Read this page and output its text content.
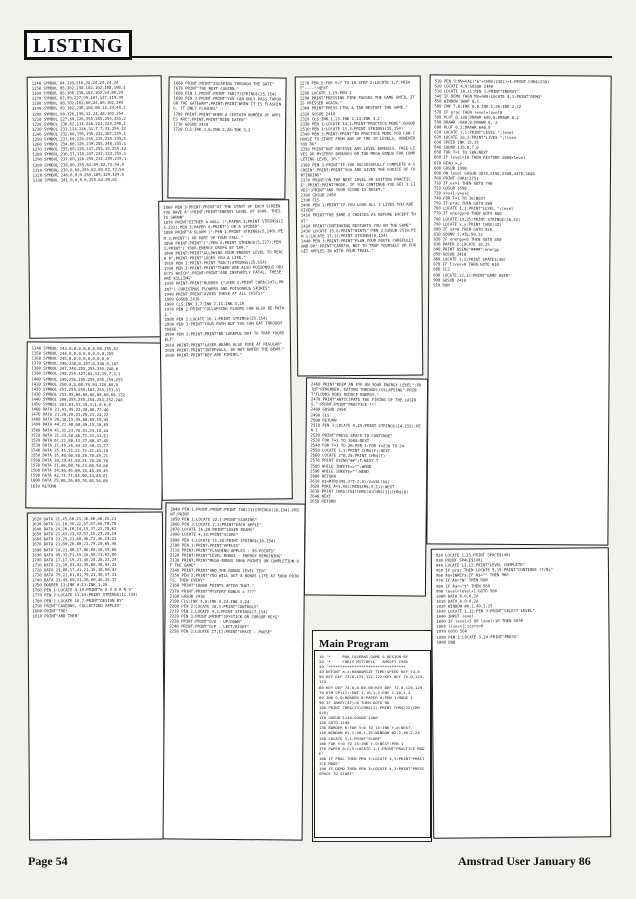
LISTING
1140 SYMBOL 84,126,216,24,24,24,24,24
1150 SYMBOL 85,102,238,102,102,108,108,1
1160 SYMBOL 86,108,238,102,102,54,60,24
1170 SYMBOL 87,99,227,99,107,127,119,99
1180 SYMBOL 88,102,102,60,24,60,102,204
1190 SYMBOL 89,102,238,102,60,12,24,48,2
1200 SYMBOL 90,126,198,12,24,48,102,254
1210 SYMBOL 227,60,126,255,255,255,255,2
1220 SYMBOL 230,62,111,246,224,224,248,1
1230 SYMBOL 231,124,246,31,7,7,31,254,12
1240 SYMBOL 232,66,195,195,231,167,255,1
1250 SYMBOL 233,60,126,255,219,255,195,1
1260 SYMBOL 234,60,126,239,255,248,255,1
1270 SYMBOL 235,60,126,247,255,15,255,12
1280 SYMBOL 236,57,118,247,247,233,255,1
1290 SYMBOL 237,60,126,255,231,239,239,1
1300 SYMBOL 238,60,255,62,89,82,72,54,0
1310 SYMBOL 239,0,60,255,62,89,82,72,54
1320 SYMBOL 240,0,0,0,255,189,129,129,0
1330 SYMBOL 241,0,0,0,0,255,62,89,82
1340 SYMBOL 243,0,0,0,0,0,0,60,255,62
1350 SYMBOL 244,0,0,0,0,0,0,0,0,255
1360 SYMBOL 245,0,0,0,0,0,0,0,0,0
1370 SYMBOL 246,238,0,187,0,238,0,187
1380 SYMBOL 247,248,255,255,255,248,0
1390 SYMBOL 248,255,127,63,31,15,7,3,1
1400 SYMBOL 249,255,255,255,255,255,255
1410 SYMBOL 250,4,8,60,78,94,126,60,0
1420 SYMBOL 251,255,255,102,255,153,51
1430 SYMBOL 253,95,68,68,68,68,68,68,132
1440 SYMBOL 200,255,255,254,254,252,248
1450 SYMBOL 201,63,31,15,3,1,0,0,0
1460 DATA 21,41,49,22,30,80,77,46
1470 DATA 21,20,20,21,20,23,24,22
1480 DATA 26,30,15,45,68,65,19,45
1490 DATA 44,21,40,60,49,15,10,65
1500 DATA 41,31,23,78,41,23,18,44
1510 DATA 21,33,58,46,71,21,41,61
1520 DATA 61,21,80,13,37,80,47,45
1530 DATA 21,45,26,54,33,30,31,77
1540 DATA 25,45,51,21,71,21,41,18
1550 DATA 35,40,60,58,20,70,49,21
1560 DATA 30,19,41,50,21,70,20,76
1570 DATA 21,66,80,76,23,60,54,80
1580 DATA 34,36,45,69,18,48,30,49
1590 DATA 42,71,71,54,90,24,45,61
1600 DATA 25,80,26,80,70,88,54,80
1610 RETURN
1620 DATA 21,45,60,21,36,60,46,25,21
1630 DATA 21,10,35,22,57,67,60,70,78
1640 DATA 24,20,10,14,15,37,23,78,62
1650 DATA 21,43,21,42,57,15,27,25,10
1660 DATA 21,25,21,68,46,72,46,24,21
1670 DATA 21,80,26,80,21,79,20,65,48
1680 DATA 24,21,80,17,86,80,10,19,66
1690 DATA 45,33,71,15,16,58,71,62,80
1700 DATA 17,17,19,21,46,25,28,23,24
1710 DATA 21,20,81,42,30,80,38,54,21
1720 DATA 21,80,17,41,21,15,18,60,42
1730 DATA 79,22,61,81,79,21,30,37,21
1740 DATA 21,45,60,21,36,60,46,25,17
1750 BORDER 13:INK 0,13:INK 1,26
1760 PEN 1:LOCATE 4,10:PRINT"K A V E R N S"
1770 PEN 2:LOCATE 11,15:PRINT STRING$(11,154)
1780 PEN 1:LOCATE 16,7:PRINT"DESIGN BY"
1790 PRINT"CAVERNS, COLLECTING APPLES"
1800 PRINT"THE"
1810 PRINT"AND THEN"
1660 PRINT:PRINT"ESCAPING THROUGH THE GATE"
1670 PRINT"THE NEXT CAVERN."
1680 PEN 1:PRINT:PRINT TAB(7)STRING$(25,154)
1690 PEN 3:PRINT:PRINT"YOU CAN ONLY PASS THROUGH THE GATEWAY";PRINT:PRINT"WHEN IT IS FLASHING. IT ONLY FLASHES"
1700 PRINT:PRINT"WHEN A CERTAIN NUMBER OF APPLES ARE";PRINT:PRINT"BEEN EATEN"
1710 GOSUB 2410
1720 CLS:INK 3,6:INK 2,26:INK 3,2
1860 PEN 3:PRINT:PRINT"AT THE START OF EACH SCREEN YOU HAVE A";PRINT:PRINT"ENERGY LEVEL OF 1000. THIS IS SHOWN"
1870 PRINT"EITHER A WALL (";PAPER 2;PRINT STRING$(25,232);PEN 3;PAPER 0;PRINT") OR A SPIDER"
1880 PRINT"A GLOOM (";PEN 1;PRINT STRING$(5,240);PEN 3;PRINT") OR PART OF YOUR FALL."
1890 PRINT:PRINT"(";PEN 2;PRINT STRING$(5,227);PEN 3;PRINT") YOUR ENERGY DROPS BY 100."
1900 PRINT:PRINT"ALLOWING YOUR ENERGY LEVEL TO REACH 0";PRINT:PRINT"LOSES YOU A LIFE."
1910 PEN 1:PRINT:PRINT TAB(7)STRING$(25,154)
1920 PEN 2:PRINT:PRINT"THERE ARE ALSO POISONOUS OBJECTS WHICH";PRINT:PRINT"ARE INSTANTLY FATAL. THESE ARE KILLING"
1930 PRINT:PRINT"BUSHES (";PEN 3;PRINT CHR$(247);PRINT") CHRISTMAS FLOWERS AND POISONOUS SPIKES"
1940 PRINT:PRINT"AVOID THESE AT ALL COSTS!"
1950 GOSUB 2410
1960 CLS:INK 3,7:INK 2,11:INK 3,26
1970 PEN 2:PRINT"COLLAPSING FLOORS CAN ALSO BE FATAL."
1980 PEN 1:LOCATE 10,1:PRINT STRING$(25,154)
1990 PEN 3:PRINT"YOUR PATH BUT YOU CAN EAT THROUGH THESE."
2000 PEN 3:PRINT:PRINT"BE CAREFUL NOT TO TRAP YOURSELF"
2010 PRINT:PRINT"LASER BEAMS ALSO FIRE AT REGULAR"
2020 PRINT:PRINT"INTERVALS, DO NOT ENTER THE BEAM."
2030 PRINT:PRINT"KEY ARE FIRING."
2040 PEN 1:PRINT:PRINT:PRINT TAB(11)STRING$(20,154):PRINT:PRINT
2050 PEN 1:LOCATE 22,1:PRINT"SCORING"
2060 PEN 3:LOCATE 2,3:PRINT"EACH APPLE"
2070 LOCATE 16,20:PRINT"LASER BEAMS"
2080 LOCATE 4,18:PRINT"SCORE"
2090 PEN 1:LOCATE 11,20:PRINT STRING$(18,154)
2100 PEN 3:PRINT:PRINT"APPLES"
2110 PRINT:PRINT"FLASHING APPLES - 50 POINTS"
2120 PRINT:PRINT"LEVEL BONUS - ENERGY REMAINING"
2130 PRINT:PRINT"MEGA-BONUS 5000 POINTS ON COMPLETION OF THE GAME"
2140 PRINT:PRINT"AND THE BONUS LEVEL TEN"
2150 PEN 2:PRINT"YOU WILL GET A BONUS LIFE AT 5000 POINTS, THEN EVERY"
2160 PRINT"10000 POINTS AFTER THAT."
2170 PRINT:PRINT"MYSTERY BONUS = ???"
2180 GOSUB 2410
2190 CLS:INK 3,8:INK 2,24:INK 3,24
2200 PEN 2:LOCATE 16,1:PRINT"CONTROLS"
2210 PEN 1:LOCATE 4,3:PRINT STRING$(7,154)
2220 PEN 3:PRINT:PRINT"JOYSTICK OR CURSOR KEYS"
2230 PRINT:PRINT"Q/A - UP/DOWN"
2240 PRINT:PRINT"O/P - LEFT/RIGHT"
2250 PEN 3:LOCATE 27,11:PRINT"SPACE - PAUSE"
2270 PEN 2:FOR Y=7 TO 15 STEP 2:LOCATE 1,Y:PRINT"----":NEXT
2280 LOCATE 1,19:PEN 1
2290 PRINT"PRESSING FIRE PAUSES THE GAME UNTIL IT IS PRESSED AGAIN."
2300 PRINT"PRESS CTRL & TAB RESTART THE GAME."
2310 GOSUB 2410
2320 CLS:INK 1,23:INK 2,14:INK 3,2
2330 PEN 1:LOCATE 14,1:PRINT"PRACTICE MODE":GOSUB 2510:PEN 1:LOCATE 13,3:PRINT STRING$(15,154)
2340 PEN 3:PRINT:PRINT"IN PRACTICE MODE YOU CAN CHOOSE TO START FROM ANY OF THE 10 LEVELS, HOWEVER YOU DO"
2350 PRINT"NOT RECEIVE ANY LEVEL BONUSES, FREE LIVES OR MYSTERY BONUSES OR THE MEGA-BONUS FOR COMPLETING LEVEL 10."
2360 PEN 3:PRINT"IF YOU SUCCESSFULLY COMPLETE A SCREEN":PRINT:PRINT"YOU ARE GIVEN THE CHOICE OF CONTINUING"
2370 PRINT"ON THE NEXT LEVEL OR EXITING PRACTICE":PRINT:PRINT"MODE. IF YOU CONTINUE YOU GET 3 LIVES":PRINT"AND YOUR SCORE IS RESET."
2380 GOSUB 2450
2390 CLS
2400 PEN 1:PRINT"IF YOU LOSE ALL 3 LIVES YOU ARE GIVEN"
2410 PRINT"THE SAME 2 CHOICES AS BEFORE EXCEPT THAT"
2420 PRINT"CONTINUING RESTARTS YOU ON THE SAME"
2430 LOCATE 15,8:PRINT"HINTS":PEN 2:GOSUB 2510:PEN 1:LOCATE 17,11:PRINT STRING$(6,154)
2440 PEN 3:PRINT:PRINT"PLAN YOUR ROUTE CAREFULLY AND DO":PRINT"CAREFUL NOT TO TRAP YOURSELF OR FORGET APPLES IN WITH YOUR TRAIL."
2460 PRINT"KEEP AN EYE ON YOUR ENERGY LEVEL":PRINT"REMEMBER, EATING THROUGH COLLAPSING":PRINT"FLOORS DOES REDUCE ENERGY."
2470 PRINT"ANTICIPATE THE FIRING OF THE LASERS.":PRINT:PRINT"PRACTICE !!"
2480 GOSUB 2450
2490 CLS
2500 RETURN
2510 PEN 3:LOCATE 9,25:PRINT STRING$(24,233):PEN 1
2520 PRINT"PRESS SPACE TO CONTINUE"
2530 FOR T=1 TO 1000:NEXT
2540 FOR T=1 TO 26:PEN 1:FOR Y=238 TO 24
2550 LOCATE 1,Y:PRINT CHR$(Y):NEXT
2560 LOCATE 2*B,25:PRINT CHR$(T)
2570 PRINT USING"##";T:NEXT T
2580 WHILE INKEY$<>"":WEND
2590 WHILE INKEY$="":WEND
2600 RETURN
2610 A$=MID$(M$,3*T-2,3):V=VAL(A$)
2620 POKE A+S,ASC(MID$(M$,I,1)):NEXT
2630 PRINT CHR$(254)CHR$(8)CHR$(11)CHR$(8)
2640 NEXT
2650 RETURN
Main Program
10 '*     PAK CAVERNS,GAME & DESIGN BY
20 '*     CHRIS MITCHELL   AMSOFT 1985
30 '*********************************
40 DEFINT a-z:RANDOMIZE TIME:SPEED KEY 74,0
50 KEY DEF 73,0,122,122,122:KEY DEF 75,0,123,123
60 KEY DEF 74,0,0,80,80:KEY DEF 72,0,129,129
70 DIM SP(11):ENT 1,10,1,2:ENV 1,10,1,2
80 INK 0,0:BORDER 0:PAPER 0:PEN 1:MODE 1
90 IF INKEY(47)=0 THEN GOTO 90
100 PRINT CHR$(23)CHR$(1):PRINT CHR$(22)CHR$(0)
110 GOSUB 1140:GOSUB 1460
120 GOTO 1190
130 BORDER 0:FOR Y=0 TO 15:INK Y,0:NEXT
140 WINDOW #1,1,40,1,25:WINDOW #2,1,40,2,24
150 LOCATE 1,1:PRINT"SCORE"
160 FOR Y=0 TO 15:INK Y,0:NEXT:PEN 1
170 PAPER 0:CLS:LOCATE 1,1:PRINT"PRACTICE MODE"
180 IF PRAC THEN PEN 3:LOCATE 4,3:PRINT"PRACTICE MODE"
190 IF DEMO THEN PEN 3:LOCATE 4,3:PRINT"PRESS SPACE TO START"
510 PEN 9:MV=VAL("&"+CHR$(238))+1:PRINT CHR$(238)
520 LOCATE 4,9:GOSUB 2440
530 LOCATE 18,11:PEN 1:PRINT"ENERGY"
540 IF DEMO THEN MV=500:LOCATE 4,3:PRINT"DEMO"
550 WINDOW SWAP 0,1
560 INK 7,6:INK 8,6:INK 1,20:INK 2,22
570 IF prac THEN level=level0
580 PLOT 0,388:DRAWR 640,0:DRAWR 0,2
590 DRAWR -640,0:DRAWR 0,-2
600 PLOT 0,2:DRAWR 640,0
610 LOCATE 1,1:PRINT"LEVEL ";level
620 LOCATE 28,1:PRINT"LIVES ";lives
630 SPEED INK 15,15
640 SOUND 135,0,7,0
650 FOR T=1 TO 100:NEXT
660 IF level<10 THEN RESTORE 1000+level
670 READ x,y
680 GOSUB 1990
690 ON level GOSUB 3010,3150,3300,3470,3640
700 PRINT CHR$(225)
710 IF ex=1 THEN GOTO 740
720 GOSUB 1590
730 x=x+1:y=y+1
740 FOR T=1 TO 10:NEXT
750 IF prac THEN GOTO 800
760 LOCATE 1,1:PRINT"LEVEL ";level
770 IF energy>0 THEN GOTO 680
780 LOCATE 19,25:PRINT STRING$(16,32)
790 LOCATE x,y:PRINT CHR$(32)
800 IF ex=0 THEN GOTO 820
810 SOUND 1,478,50,12
820 IF energy<0 THEN GOTO 850
830 PAPER 2:LOCATE 19,25
840 PRINT USING"####";energy
850 GOSUB 2410
860 LOCATE 1,1:PRINT SPACE$(40)
870 IF lives>0 THEN GOTO 610
880 CLS
890 LOCATE 12,12:PRINT"GAME OVER"
900 GOSUB 2410
910 RUN
920 LOCATE 1,25:PRINT SPACE$(40)
930 PRINT SPACE$(40)
940 LOCATE 13,12:PRINT"LEVEL COMPLETE"
950 IF prac THEN LOCATE 5,15:PRINT"CONTINUE (Y/N)"
960 A$=INKEY$:IF A$="" THEN 960
970 IF A$="N" THEN RUN
980 IF A$<>"Y" THEN 960
990 level=level+1:GOTO 560
1000 DATA 0,0,0,24
1010 DATA 0,0,0,24
1020 WINDOW #0,1,40,1,25
1030 LOCATE 1,12:PEN 3:PRINT"SELECT LEVEL"
1040 INPUT level
1050 IF level<1 OR level>10 THEN 1030
1060 lives=3:score=0
1070 GOTO 560
1080 PEN 1:LOCATE 3,24:PRINT"PRESS"
1090 END
Page 54	Amstrad User January 86
